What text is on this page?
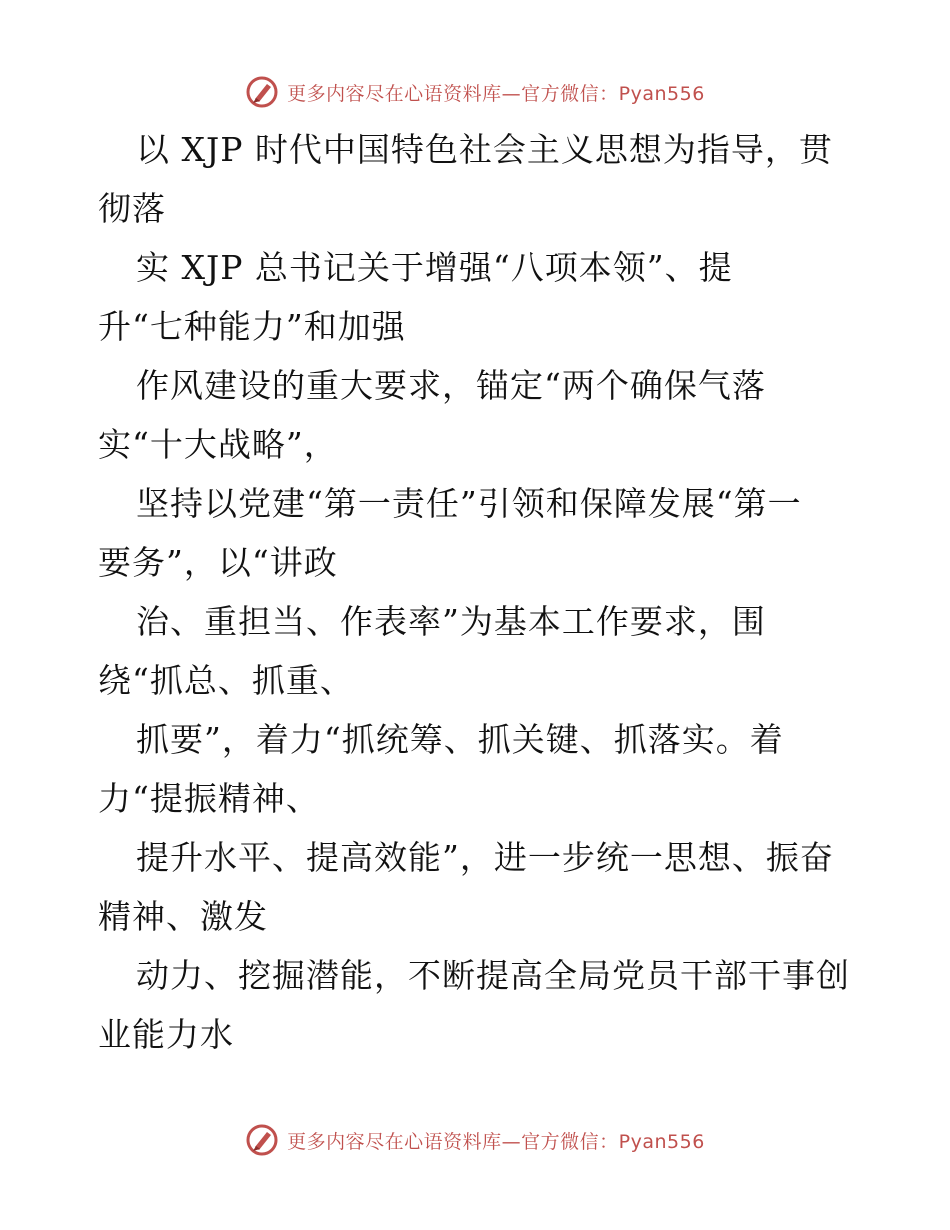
更多内容尽在心语资料库—官方微信：Pyan556
以 XJP 时代中国特色社会主义思想为指导，贯
彻落
实 XJP 总书记关于增强“八项本领”、提
升“七种能力”和加强
作风建设的重大要求，锚定“两个确保气落
实“十大战略”，
坚持以党建“第一责任”引领和保障发展“第一
要务”，以“讲政
治、重担当、作表率”为基本工作要求，围
绕“抓总、抓重、
抓要”，着力“抓统筹、抓关键、抓落实。着
力“提振精神、
提升水平、提高效能”，进一步统一思想、振奋
精神、激发
动力、挖掘潜能，不断提高全局党员干部干事创
业能力水
更多内容尽在心语资料库—官方微信：Pyan556
